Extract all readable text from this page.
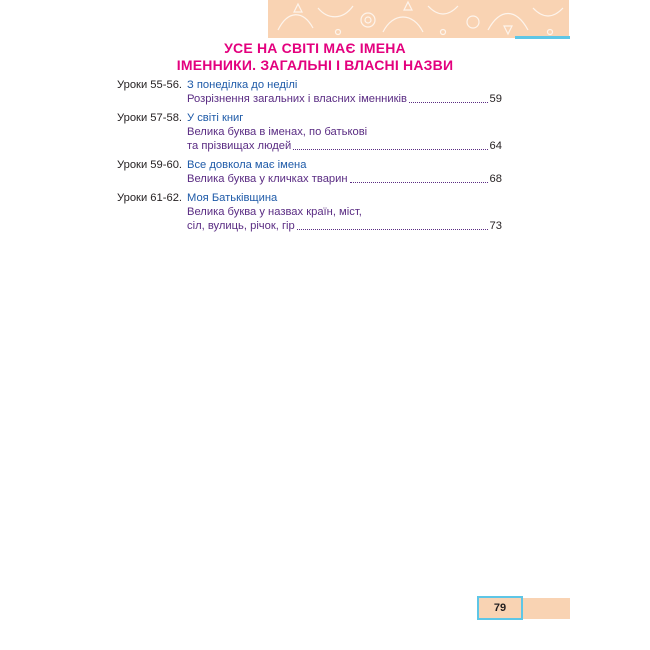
УСЕ НА СВІТІ МАЄ ІМЕНА
ІМЕННИКИ. ЗАГАЛЬНІ І ВЛАСНІ НАЗВИ
Уроки 55-56. З понеділка до неділі
Розрізнення загальних і власних іменників	59
Уроки 57-58. У світі книг
Велика буква в іменах, по батькові
та прізвищах людей	64
Уроки 59-60. Все довкола має імена
Велика буква у кличках тварин	68
Уроки 61-62. Моя Батьківщина
Велика буква у назвах країн, міст,
сіл, вулиць, річок, гір	73
79
